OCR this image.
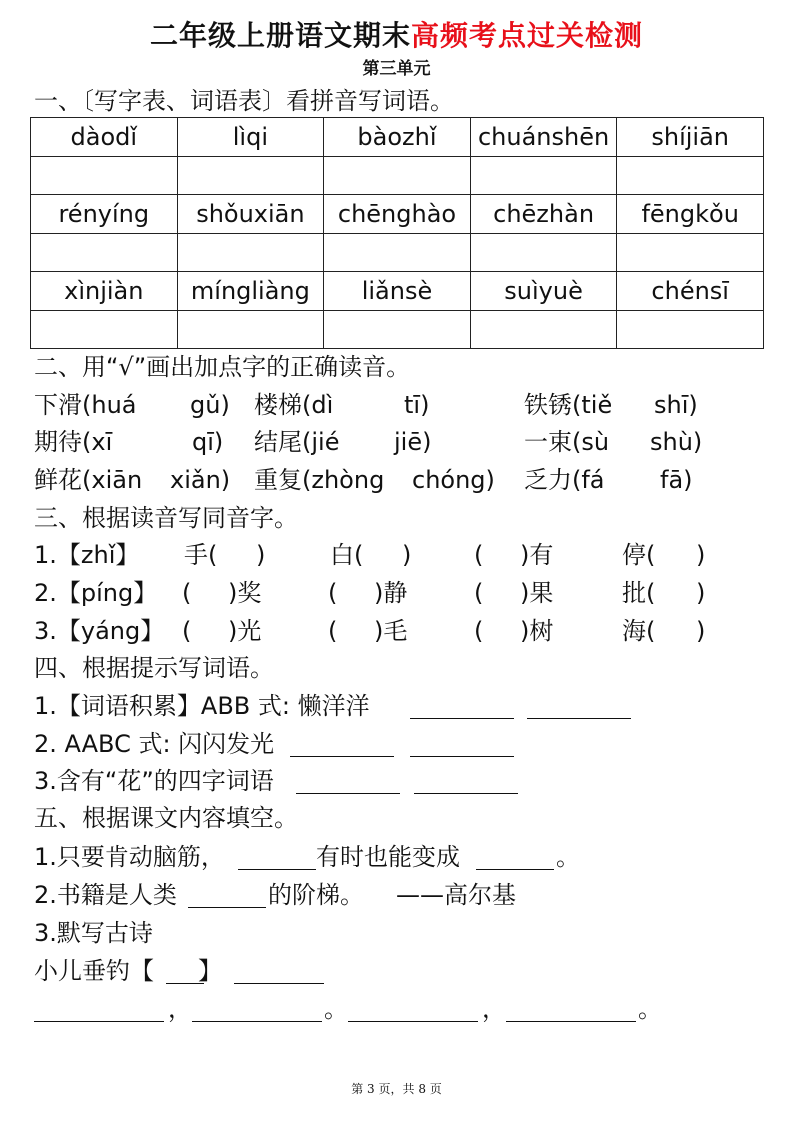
二年级上册语文期末高频考点过关检测
第三单元
一、〔写字表、词语表〕看拼音写词语。
dàodǐ	lìqi	bàozhǐ	chuánshēn	shíjiān

rényíng	shǒuxiān	chēnghào	chēzhàn	fēngkǒu

xìnjiàn	míngliàng	liǎnsè	suìyuè	chénsī

二、用“√”画出加点字的正确读音。
下滑(huá gǔ) 楼梯(dì	tī)	铁锈(tiě shī)
期待(xī	qī) 结尾(jié jiē)	一束(sù shù)
鲜花(xiān xiǎn) 重复(zhòng chóng) 乏力(fá fā)
三、根据读音写同音字。
1.【zhǐ】 手( )	白( )	( )有	停( )
2.【píng】 ( )奖	( )静	( )果	批( )
3.【yáng】 ( )光	( )毛	( )树	海( )
四、根据提示写词语。
1.【词语积累】ABB 式: 懒洋洋
2. AABC 式: 闪闪发光
3.含有“花”的四字词语
五、根据课文内容填空。
1.只要肯动脑筋，	有时也能变成	。
2.书籍是人类	的阶梯。 ——高尔基
3.默写古诗
小儿垂钓 【 】
，	。	，	。
第 3 页，共 8 页
